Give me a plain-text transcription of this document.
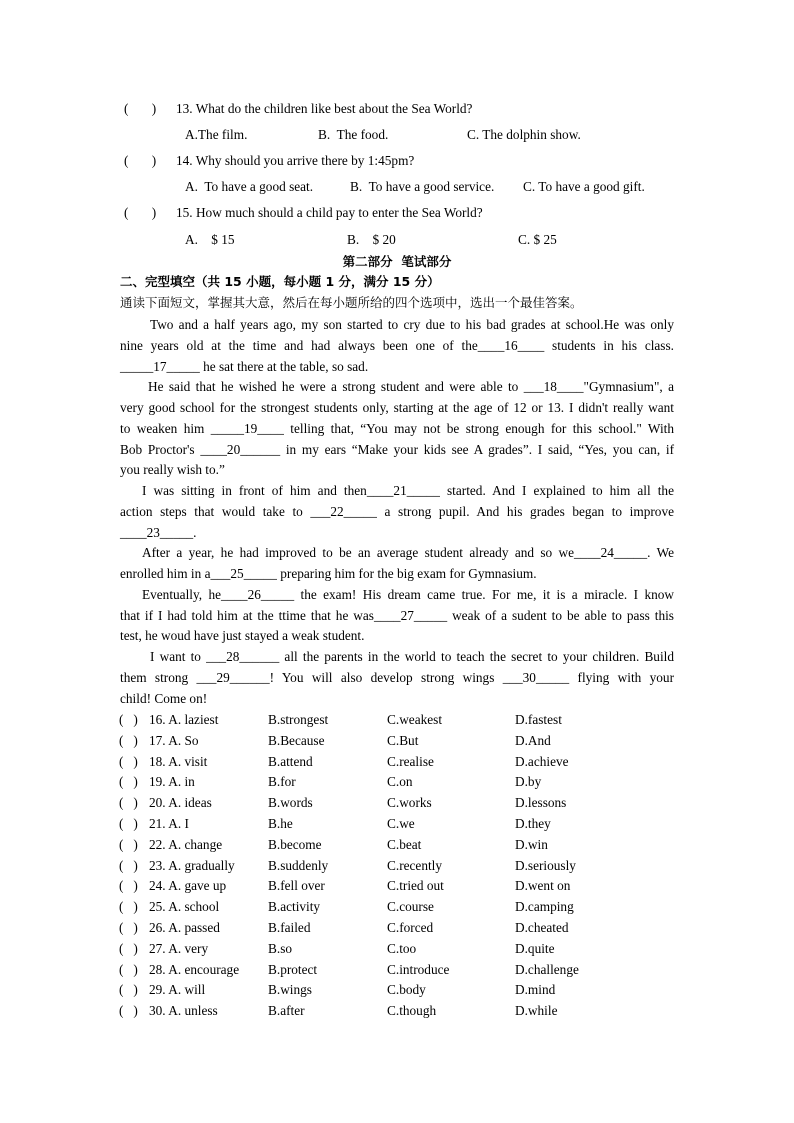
(       ) 13. What do the children like best about the Sea World?
A.The film.	B.  The food.	C. The dolphin show.
(       ) 14. Why should you arrive there by 1:45pm?
A.  To have a good seat.	B.  To have a good service. C. To have a good gift.
(       ) 15. How much should a child pay to enter the Sea World?
A.    $ 15	B.    $ 20	C. $ 25
第二部分  笔试部分
二、完型填空（共 15 小题，每小题 1 分，满分 15 分）
通读下面短文，掌握其大意，然后在每小题所给的四个选项中，选出一个最佳答案。
Two and a half years ago, my son started to cry due to his bad grades at school.He was only
nine years old at the time and had always been one of the____16____ students in his class.
_____17_____ he sat there at the table, so sad.
He said that he wished he were a strong student and were able to ___18____"Gymnasium", a
very good school for the strongest students only, starting at the age of 12 or 13. I didn't really want
to weaken him _____19____ telling that, “You may not be strong enough for this school." With
Bob Proctor's ____20______ in my ears “Make your kids see A grades”. I said, “Yes, you can, if
you really wish to.”
I was sitting in front of him and then____21_____ started. And I explained to him all the
action steps that would take to ___22_____ a strong pupil. And his grades began to improve
____23_____.
After a year, he had improved to be an average student already and so we____24_____. We
enrolled him in a___25_____ preparing him for the big exam for Gymnasium.
Eventually, he____26_____ the exam! His dream came true. For me, it is a miracle. I know
that if I had told him at the ttime that he was____27_____ weak of a sudent to be able to pass this
test, he woud have just stayed a weak student.
I want to ___28______ all the parents in the world to teach the secret to your children. Build
them strong ___29______! You will also develop strong wings ___30_____ flying with your
child! Come on!
(   ) 16. A. laziest	B.strongest	C.weakest	D.fastest
(   ) 17. A. So	B.Because	C.But	D.And
(   ) 18. A. visit	B.attend	C.realise	D.achieve
(   ) 19. A. in	B.for	C.on	D.by
(   ) 20. A. ideas	B.words	C.works	D.lessons
(   ) 21. A. I	B.he	C.we	D.they
(   ) 22. A. change	B.become	C.beat	D.win
(   ) 23. A. gradually	B.suddenly	C.recently	D.seriously
(   ) 24. A. gave up	B.fell over	C.tried out	D.went on
(   ) 25. A. school	B.activity	C.course	D.camping
(   ) 26. A. passed	B.failed	C.forced	D.cheated
(   ) 27. A. very	B.so	C.too	D.quite
(   ) 28. A. encourage B.protect	C.introduce	D.challenge
(   ) 29. A. will	B.wings	C.body	D.mind
(   ) 30. A. unless	B.after	C.though	D.while
